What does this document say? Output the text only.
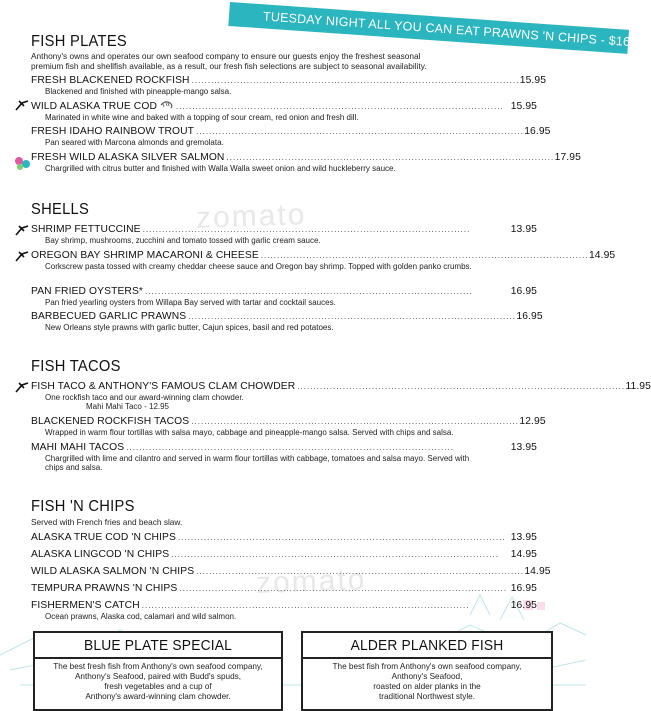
TUESDAY NIGHT ALL YOU CAN EAT PRAWNS 'N CHIPS - $16.95
zomato
zomato
FISH PLATES
Anthony's owns and operates our own seafood company to ensure our guests enjoy the freshest seasonal premium fish and shellfish available, as a result, our fresh fish selections are subject to seasonal availability.
FRESH BLACKENED ROCKFISH . . .	15.95
Blackened and finished with pineapple-mango salsa.
WILD ALASKA TRUE COD . . .	15.95
Marinated in white wine and baked with a topping of sour cream, red onion and fresh dill.
FRESH IDAHO RAINBOW TROUT . . .	16.95
Pan seared with Marcona almonds and gremolata.
FRESH WILD ALASKA SILVER SALMON . . .	17.95
Chargrilled with citrus butter and finished with Walla Walla sweet onion and wild huckleberry sauce.
SHELLS
SHRIMP FETTUCCINE . . .	13.95
Bay shrimp, mushrooms, zucchini and tomato tossed with garlic cream sauce.
OREGON BAY SHRIMP MACARONI & CHEESE . . .	14.95
Corkscrew pasta tossed with creamy cheddar cheese sauce and Oregon bay shrimp. Topped with golden panko crumbs.
PAN FRIED OYSTERS* . . .	16.95
Pan fried yearling oysters from Willapa Bay served with tartar and cocktail sauces.
BARBECUED GARLIC PRAWNS . . .	16.95
New Orleans style prawns with garlic butter, Cajun spices, basil and red potatoes.
FISH TACOS
FISH TACO & ANTHONY'S FAMOUS CLAM CHOWDER . . .	11.95
One rockfish taco and our award-winning clam chowder.
Mahi Mahi Taco - 12.95
BLACKENED ROCKFISH TACOS . . .	12.95
Wrapped in warm flour tortillas with salsa mayo, cabbage and pineapple-mango salsa. Served with chips and salsa.
MAHI MAHI TACOS . . .	13.95
Chargrilled with lime and cilantro and served in warm flour tortillas with cabbage, tomatoes and salsa mayo. Served with chips and salsa.
FISH 'N CHIPS
Served with French fries and beach slaw.
ALASKA TRUE COD 'N CHIPS . . .	13.95
ALASKA LINGCOD 'N CHIPS . . .	14.95
WILD ALASKA SALMON 'N CHIPS . . .	14.95
TEMPURA PRAWNS 'N CHIPS . . .	16.95
FISHERMEN'S CATCH . . .	16.95
Ocean prawns, Alaska cod, calamari and wild salmon.
BLUE PLATE SPECIAL
The best fresh fish from Anthony's own seafood company,
Anthony's Seafood, paired with Budd's spuds,
fresh vegetables and a cup of
Anthony's award-winning clam chowder.
ALDER PLANKED FISH
The best fish from Anthony's own seafood company,
Anthony's Seafood,
roasted on alder planks in the
traditional Northwest style.
